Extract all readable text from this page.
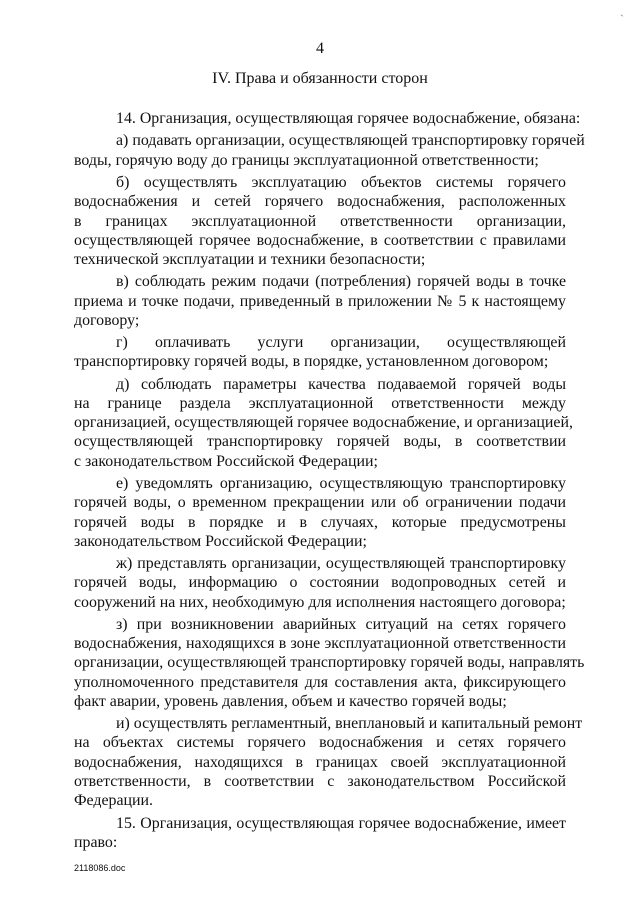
4
`
IV. Права и обязанности сторон
14. Организация, осуществляющая горячее водоснабжение, обязана:
а) подавать организации, осуществляющей транспортировку горячей
воды, горячую воду до границы эксплуатационной ответственности;
б) осуществлять эксплуатацию объектов системы горячего
водоснабжения и сетей горячего водоснабжения, расположенных
в границах эксплуатационной ответственности организации,
осуществляющей горячее водоснабжение, в соответствии с правилами
технической эксплуатации и техники безопасности;
в) соблюдать режим подачи (потребления) горячей воды в точке
приема и точке подачи, приведенный в приложении № 5 к настоящему
договору;
г) оплачивать услуги организации, осуществляющей
транспортировку горячей воды, в порядке, установленном договором;
д) соблюдать параметры качества подаваемой горячей воды
на границе раздела эксплуатационной ответственности между
организацией, осуществляющей горячее водоснабжение, и организацией,
осуществляющей транспортировку горячей воды, в соответствии
с законодательством Российской Федерации;
е) уведомлять организацию, осуществляющую транспортировку
горячей воды, о временном прекращении или об ограничении подачи
горячей воды в порядке и в случаях, которые предусмотрены
законодательством Российской Федерации;
ж) представлять организации, осуществляющей транспортировку
горячей воды, информацию о состоянии водопроводных сетей и
сооружений на них, необходимую для исполнения настоящего договора;
з) при возникновении аварийных ситуаций на сетях горячего
водоснабжения, находящихся в зоне эксплуатационной ответственности
организации, осуществляющей транспортировку горячей воды, направлять
уполномоченного представителя для составления акта, фиксирующего
факт аварии, уровень давления, объем и качество горячей воды;
и) осуществлять регламентный, внеплановый и капитальный ремонт
на объектах системы горячего водоснабжения и сетях горячего
водоснабжения, находящихся в границах своей эксплуатационной
ответственности, в соответствии с законодательством Российской
Федерации.
15. Организация, осуществляющая горячее водоснабжение, имеет
право:
2118086.doc
